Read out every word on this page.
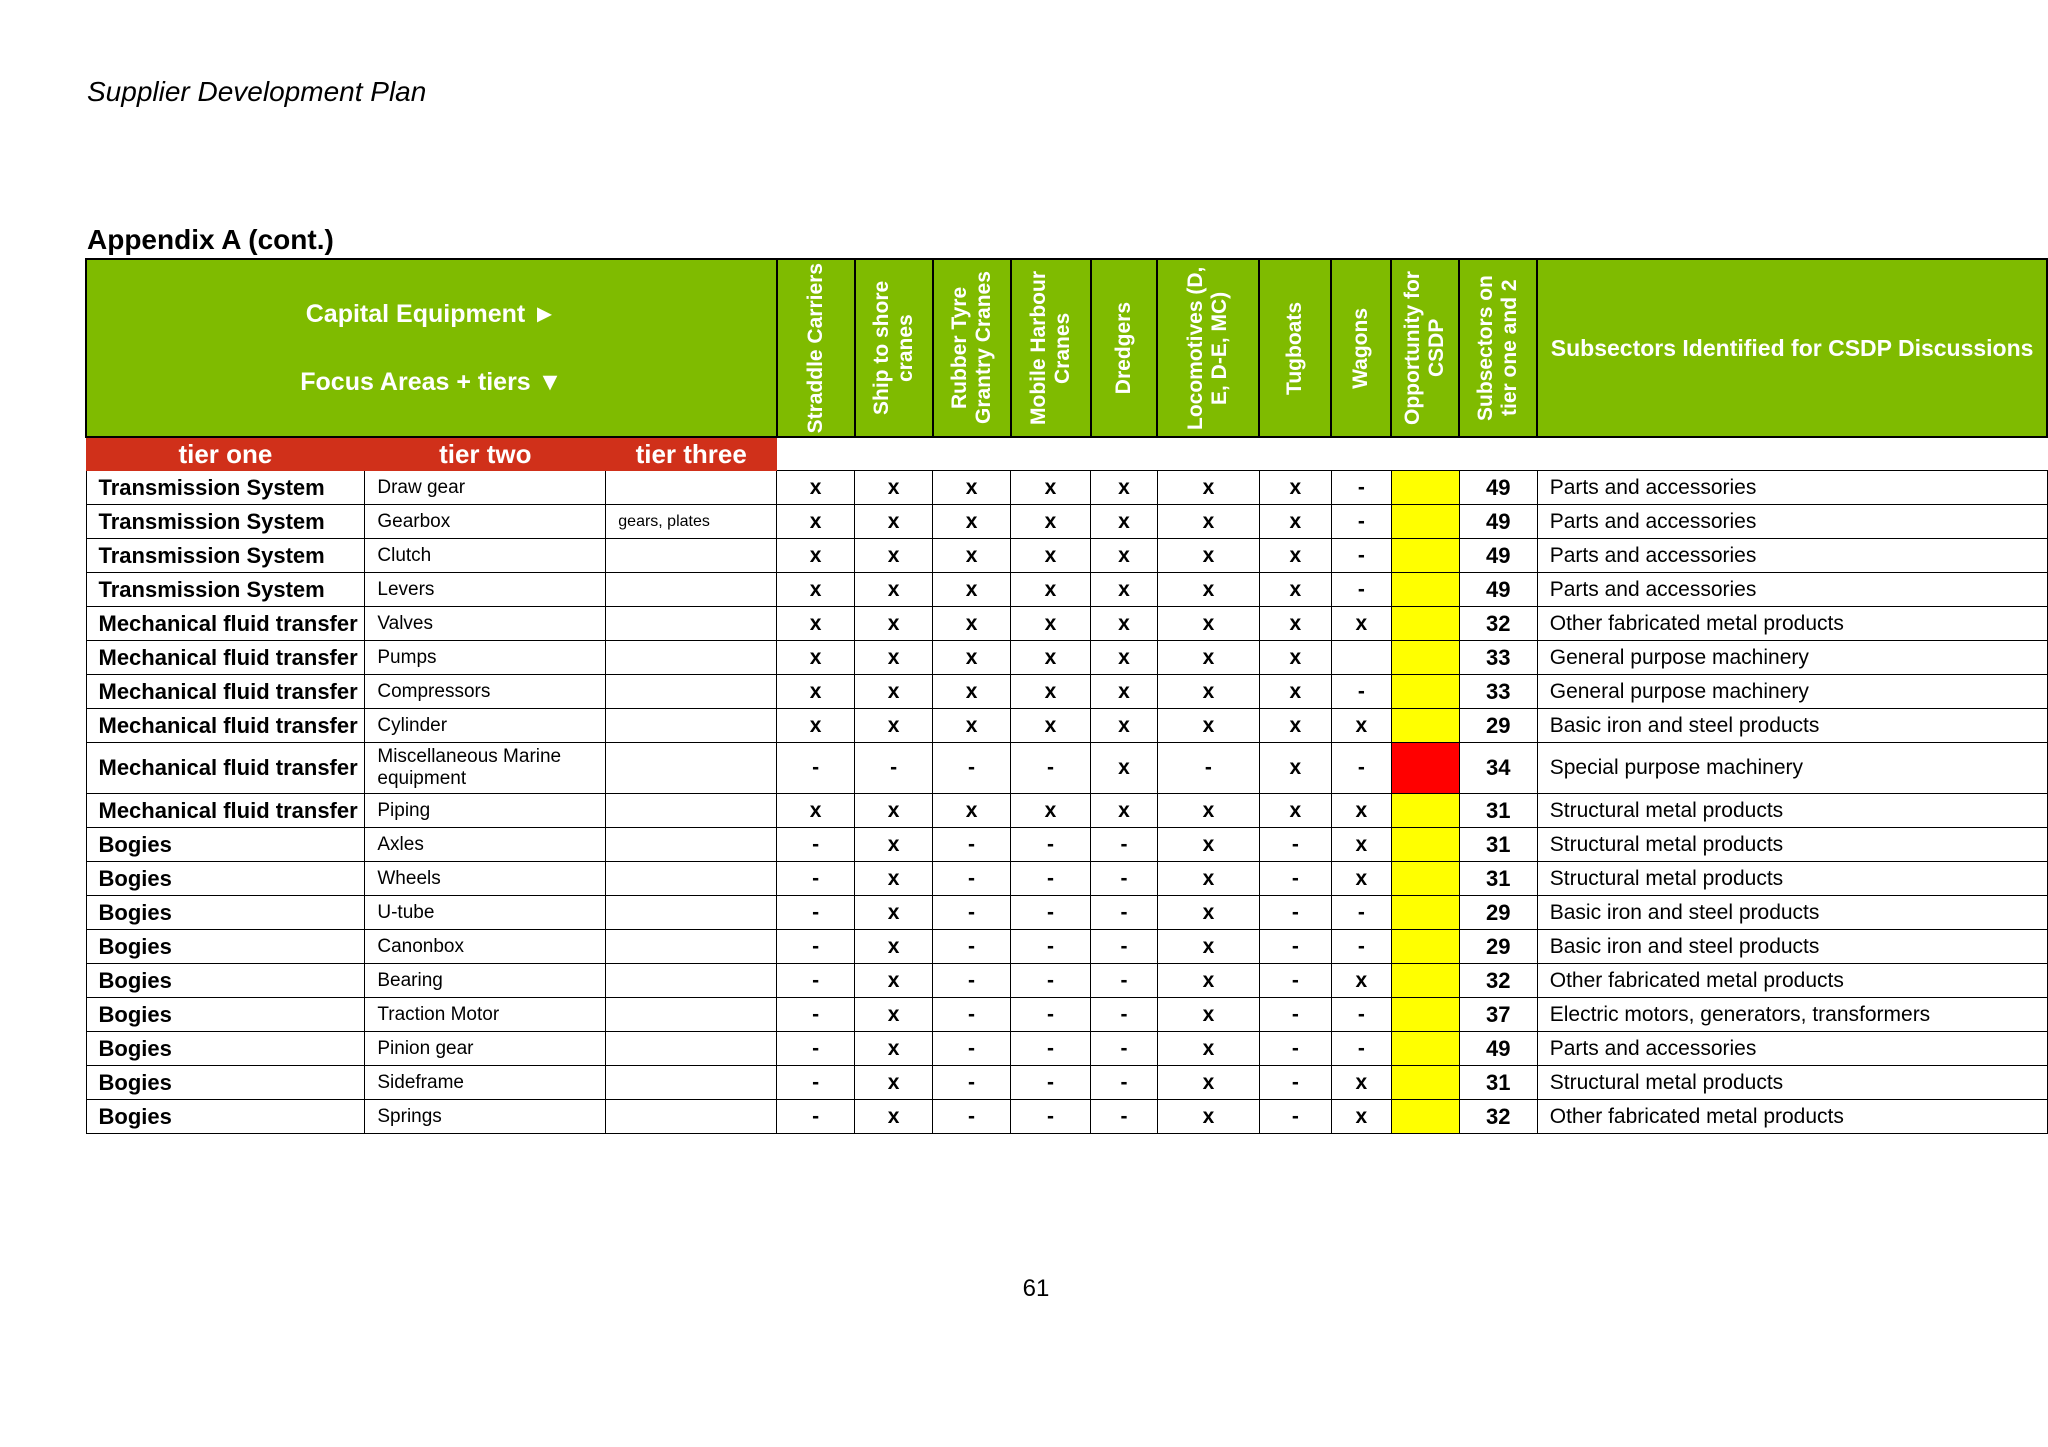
Supplier Development Plan
Appendix A (cont.)
Capital Equipment ►
Focus Areas + tiers ▼			Straddle Carriers	Ship to shore cranes	Rubber Tyre Grantry Cranes	Mobile Harbour Cranes	Dredgers	Locomotives (D, E, D-E, MC)	Tugboats	Wagons	Opportunity for CSDP	Subsectors on tier one and 2	Subsectors Identified for CSDP Discussions
tier one	tier two	tier three											
Transmission System	Draw gear		x	x	x	x	x	x	x	-		49	Parts and accessories
Transmission System	Gearbox	gears, plates	x	x	x	x	x	x	x	-		49	Parts and accessories
Transmission System	Clutch		x	x	x	x	x	x	x	-		49	Parts and accessories
Transmission System	Levers		x	x	x	x	x	x	x	-		49	Parts and accessories
Mechanical fluid transfer	Valves		x	x	x	x	x	x	x	x		32	Other fabricated metal products
Mechanical fluid transfer	Pumps		x	x	x	x	x	x	x			33	General purpose machinery
Mechanical fluid transfer	Compressors		x	x	x	x	x	x	x	-		33	General purpose machinery
Mechanical fluid transfer	Cylinder		x	x	x	x	x	x	x	x		29	Basic iron and steel products
Mechanical fluid transfer	Miscellaneous Marine equipment		-	-	-	-	x	-	x	-		34	Special purpose machinery
Mechanical fluid transfer	Piping		x	x	x	x	x	x	x	x		31	Structural metal products
Bogies	Axles		-	x	-	-	-	x	-	x		31	Structural metal products
Bogies	Wheels		-	x	-	-	-	x	-	x		31	Structural metal products
Bogies	U-tube		-	x	-	-	-	x	-	-		29	Basic iron and steel products
Bogies	Canonbox		-	x	-	-	-	x	-	-		29	Basic iron and steel products
Bogies	Bearing		-	x	-	-	-	x	-	x		32	Other fabricated metal products
Bogies	Traction Motor		-	x	-	-	-	x	-	-		37	Electric motors, generators, transformers
Bogies	Pinion gear		-	x	-	-	-	x	-	-		49	Parts and accessories
Bogies	Sideframe		-	x	-	-	-	x	-	x		31	Structural metal products
Bogies	Springs		-	x	-	-	-	x	-	x		32	Other fabricated metal products
61
